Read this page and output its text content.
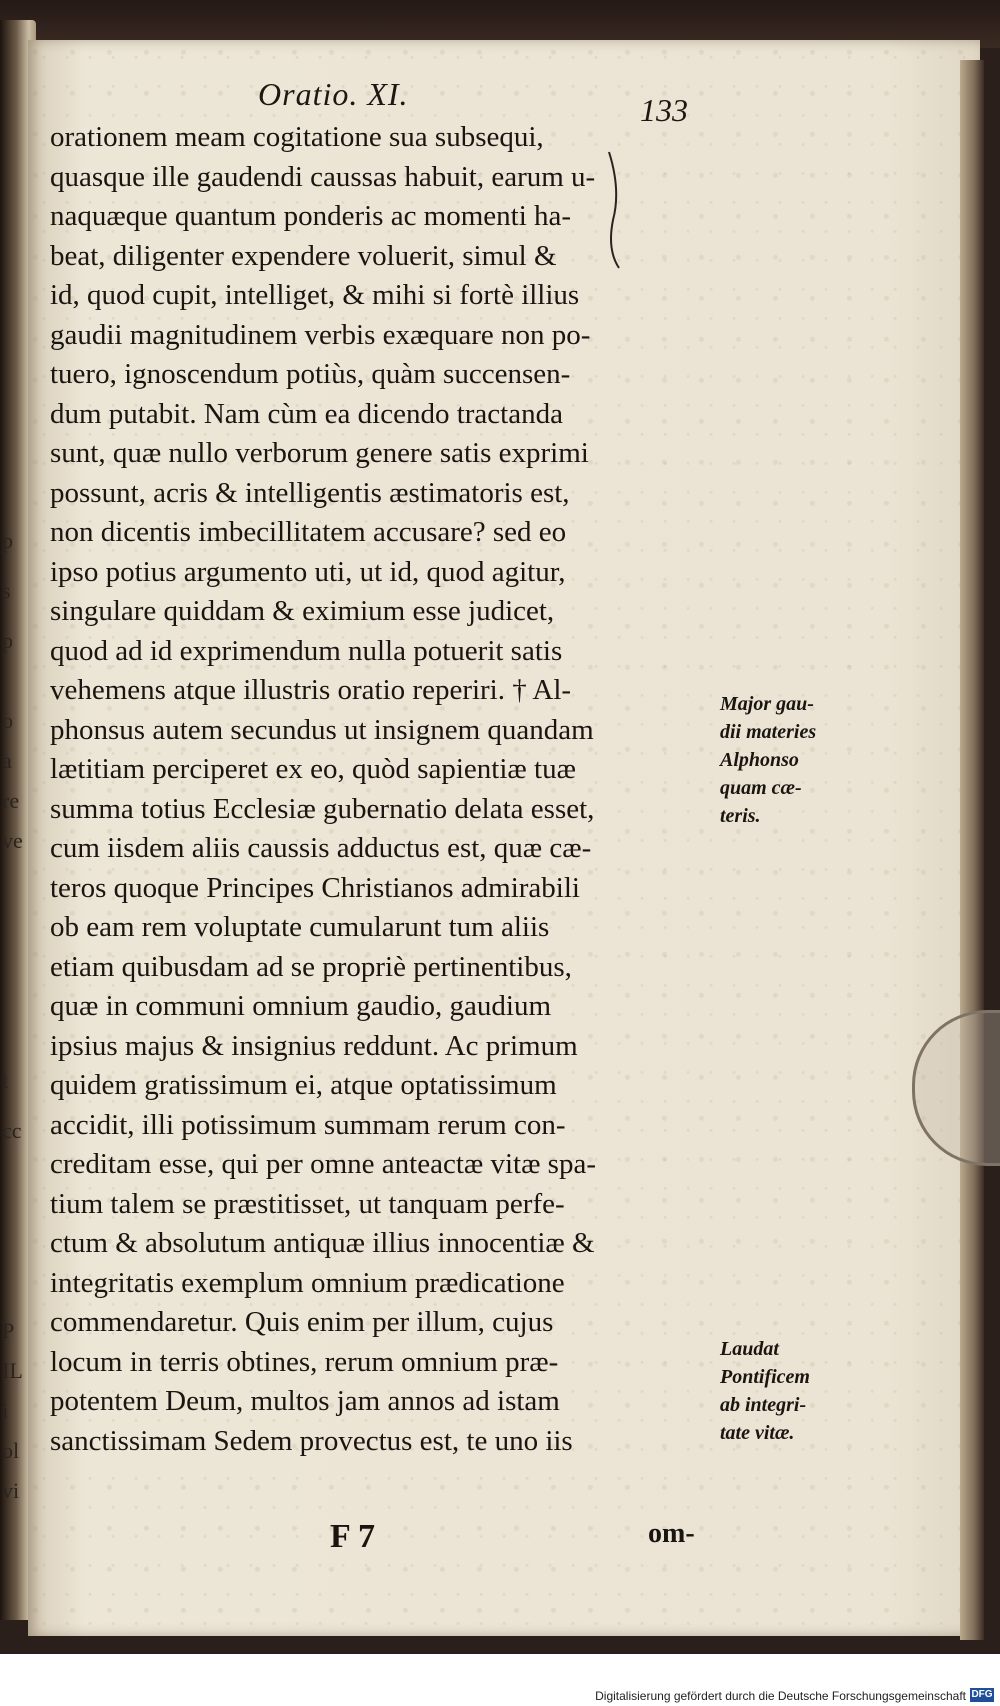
p
s
p
o
a
re
ve
t
cc
P
IL
i
ol
vi
Oratio. XI.	133
orationem meam cogitatione sua subsequi,
quasque ille gaudendi caussas habuit, earum u-
naquæque quantum ponderis ac momenti ha-
beat, diligenter expendere voluerit, simul &
id, quod cupit, intelliget, & mihi si fortè illius
gaudii magnitudinem verbis exæquare non po-
tuero, ignoscendum potiùs, quàm succensen-
dum putabit. Nam cùm ea dicendo tractanda
sunt, quæ nullo verborum genere satis exprimi
possunt, acris & intelligentis æstimatoris est,
non dicentis imbecillitatem accusare? sed eo
ipso potius argumento uti, ut id, quod agitur,
singulare quiddam & eximium esse judicet,
quod ad id exprimendum nulla potuerit satis
vehemens atque illustris oratio reperiri. † Al-
phonsus autem secundus ut insignem quandam
lætitiam perciperet ex eo, quòd sapientiæ tuæ
summa totius Ecclesiæ gubernatio delata esset,
cum iisdem aliis caussis adductus est, quæ cæ-
teros quoque Principes Christianos admirabili
ob eam rem voluptate cumularunt tum aliis
etiam quibusdam ad se propriè pertinentibus,
quæ in communi omnium gaudio, gaudium
ipsius majus & insignius reddunt. Ac primum
quidem gratissimum ei, atque optatissimum
accidit, illi potissimum summam rerum con-
creditam esse, qui per omne anteactæ vitæ spa-
tium talem se præstitisset, ut tanquam perfe-
ctum & absolutum antiquæ illius innocentiæ &
integritatis exemplum omnium prædicatione
commendaretur. Quis enim per illum, cujus
locum in terris obtines, rerum omnium præ-
potentem Deum, multos jam annos ad istam
sanctissimam Sedem provectus est, te uno iis
Major gau-
dii materies
Alphonso
quam cæ-
teris.
Laudat
Pontificem
ab integri-
tate vitæ.
F 7	om-
Digitalisierung gefördert durch die Deutsche Forschungsgemeinschaft DFG
